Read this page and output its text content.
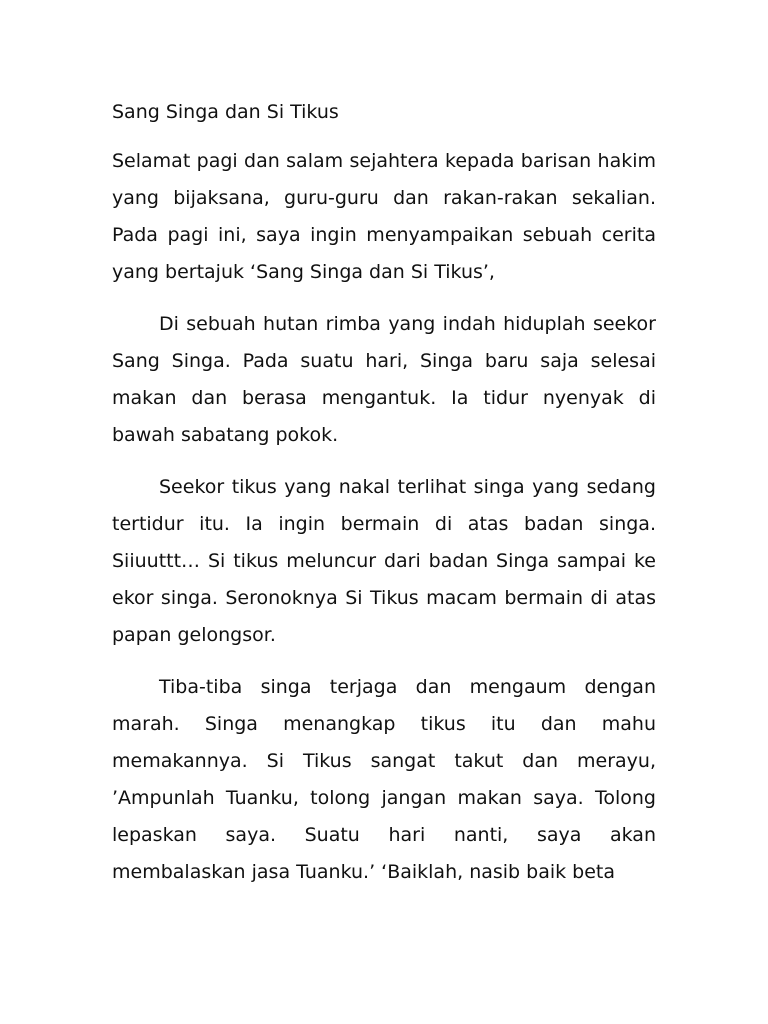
Sang Singa dan Si Tikus

Selamat pagi dan salam sejahtera kepada barisan hakim yang bijaksana, guru-guru dan rakan-rakan sekalian. Pada pagi ini, saya ingin menyampaikan sebuah cerita yang bertajuk ‘Sang Singa dan Si Tikus’,

Di sebuah hutan rimba yang indah hiduplah seekor Sang Singa. Pada suatu hari, Singa baru saja selesai makan dan berasa mengantuk. Ia tidur nyenyak di bawah sabatang pokok.

Seekor tikus yang nakal terlihat singa yang sedang tertidur itu. Ia ingin bermain di atas badan singa. Siiuuttt… Si tikus meluncur dari badan Singa sampai ke ekor singa. Seronoknya Si Tikus macam bermain di atas papan gelongsor.

Tiba-tiba singa terjaga dan mengaum dengan marah. Singa menangkap tikus itu dan mahu memakannya. Si Tikus sangat takut dan merayu, ’Ampunlah Tuanku, tolong jangan makan saya. Tolong lepaskan saya. Suatu hari nanti, saya akan membalaskan jasa Tuanku.’ ‘Baiklah, nasib baik beta
